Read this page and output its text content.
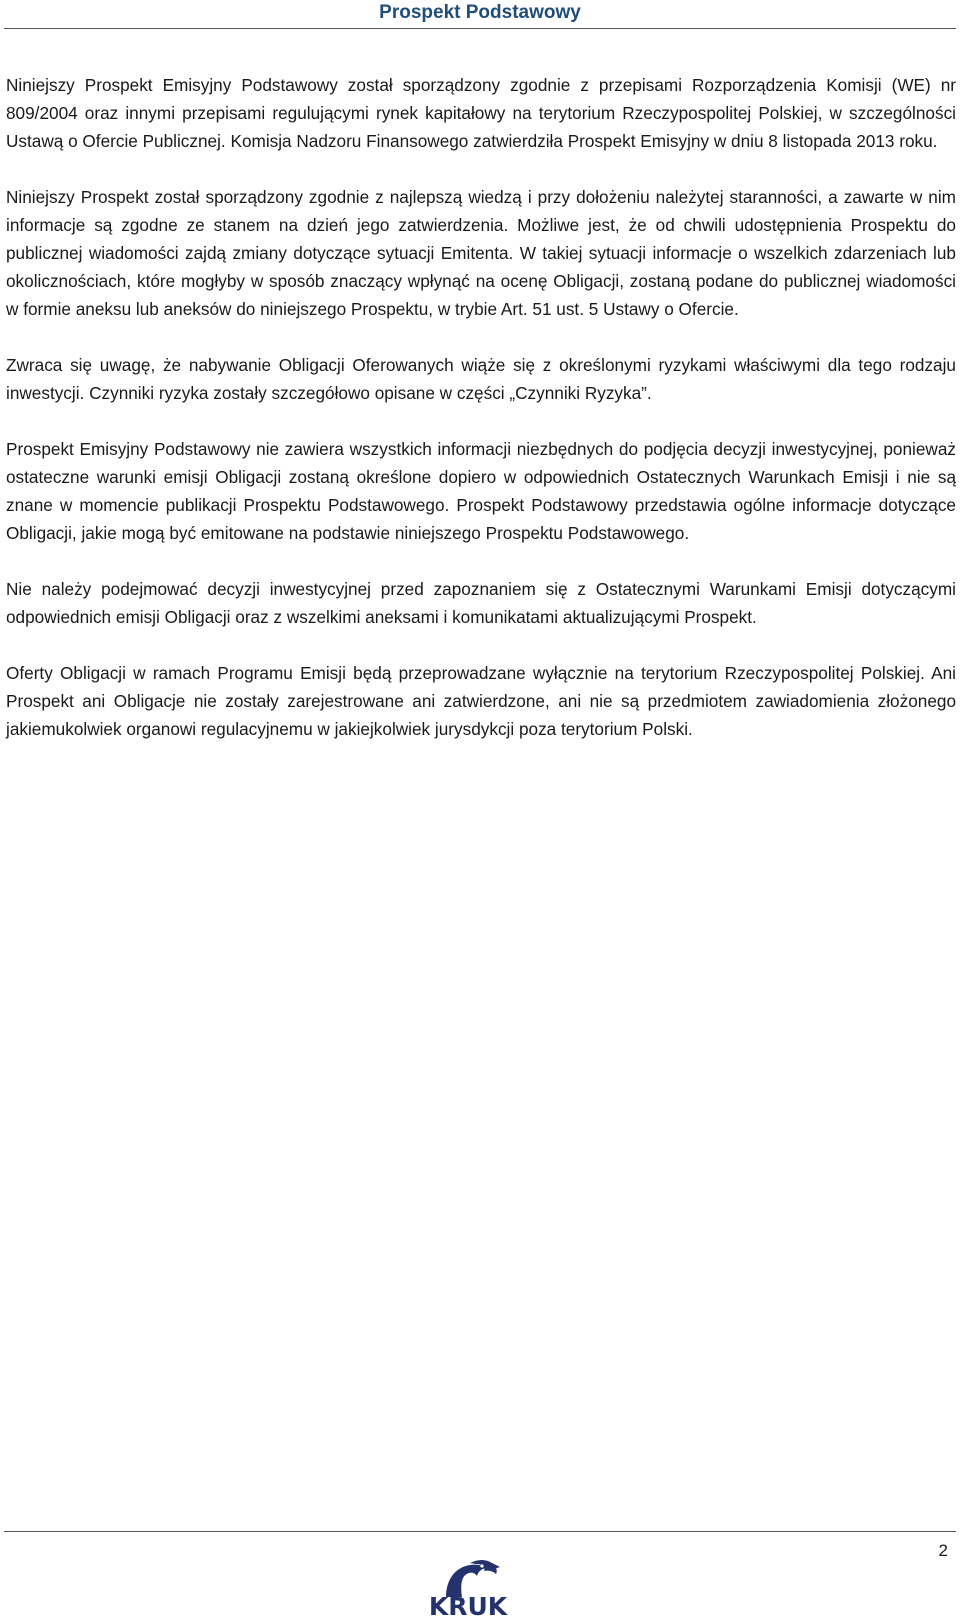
Prospekt Podstawowy

Niniejszy Prospekt Emisyjny Podstawowy został sporządzony zgodnie z przepisami Rozporządzenia Komisji (WE) nr 809/2004 oraz innymi przepisami regulującymi rynek kapitałowy na terytorium Rzeczypospolitej Polskiej, w szczególności Ustawą o Ofercie Publicznej. Komisja Nadzoru Finansowego zatwierdziła Prospekt Emisyjny w dniu 8 listopada 2013 roku.

Niniejszy Prospekt został sporządzony zgodnie z najlepszą wiedzą i przy dołożeniu należytej staranności, a zawarte w nim informacje są zgodne ze stanem na dzień jego zatwierdzenia. Możliwe jest, że od chwili udostępnienia Prospektu do publicznej wiadomości zajdą zmiany dotyczące sytuacji Emitenta. W takiej sytuacji informacje o wszelkich zdarzeniach lub okolicznościach, które mogłyby w sposób znaczący wpłynąć na ocenę Obligacji, zostaną podane do publicznej wiadomości w formie aneksu lub aneksów do niniejszego Prospektu, w trybie Art. 51 ust. 5 Ustawy o Ofercie.

Zwraca się uwagę, że nabywanie Obligacji Oferowanych wiąże się z określonymi ryzykami właściwymi dla tego rodzaju inwestycji. Czynniki ryzyka zostały szczegółowo opisane w części „Czynniki Ryzyka”.

Prospekt Emisyjny Podstawowy nie zawiera wszystkich informacji niezbędnych do podjęcia decyzji inwestycyjnej, ponieważ ostateczne warunki emisji Obligacji zostaną określone dopiero w odpowiednich Ostatecznych Warunkach Emisji i nie są znane w momencie publikacji Prospektu Podstawowego. Prospekt Podstawowy przedstawia ogólne informacje dotyczące Obligacji, jakie mogą być emitowane na podstawie niniejszego Prospektu Podstawowego.

Nie należy podejmować decyzji inwestycyjnej przed zapoznaniem się z Ostatecznymi Warunkami Emisji dotyczącymi odpowiednich emisji Obligacji oraz z wszelkimi aneksami i komunikatami aktualizującymi Prospekt.

Oferty Obligacji w ramach Programu Emisji będą przeprowadzane wyłącznie na terytorium Rzeczypospolitej Polskiej. Ani Prospekt ani Obligacje nie zostały zarejestrowane ani zatwierdzone, ani nie są przedmiotem zawiadomienia złożonego jakiemukolwiek organowi regulacyjnemu w jakiejkolwiek jurysdykcji poza terytorium Polski.

2
KRUK
